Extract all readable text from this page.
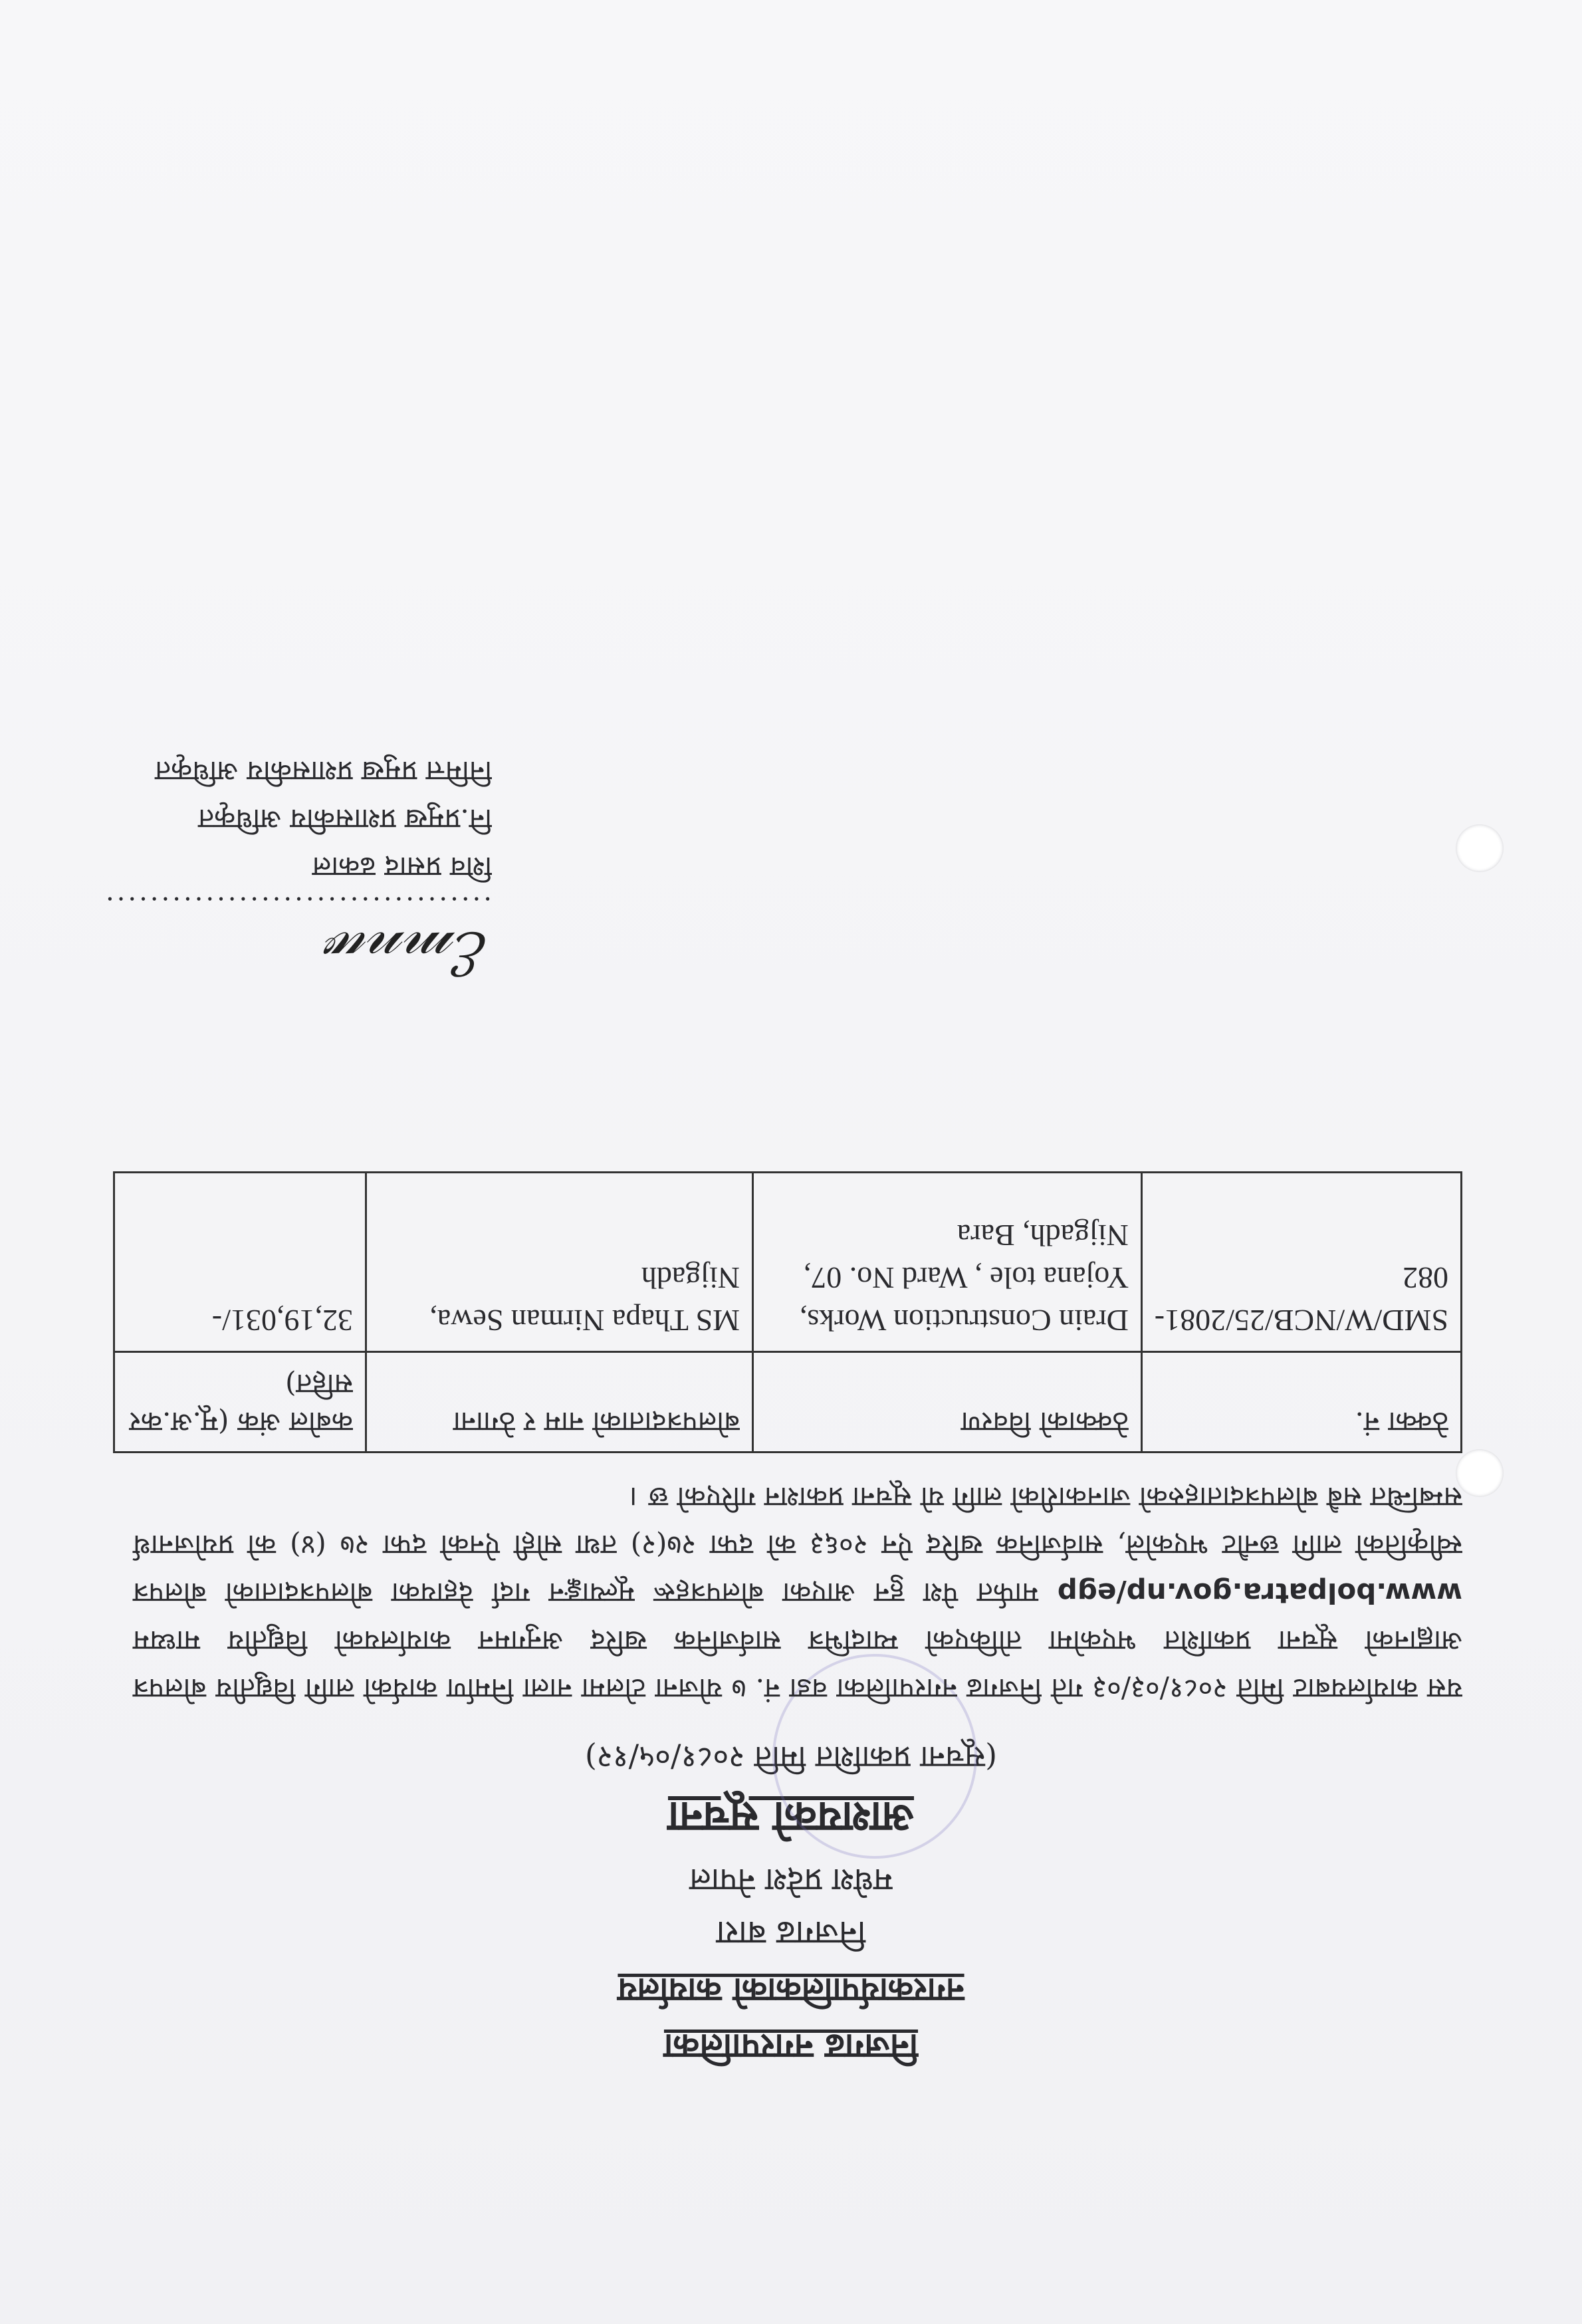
निजगढ नगरपालिका
नगरकार्यपालिकाको कार्यालय
निजगढ बारा
मधेश प्रदेश नेपाल
आशयको सूचना
(सूचना प्रकाशित मिति २०८१/०५/१२)
यस कार्यालयबाट मिति २०८१/०३/०३ गते निजगढ नगरपालिका वडा नं. ७ योजना टोलमा नाला निर्माण कार्यको लागि विद्युतीय बोलपत्र आह्वानको सूचना प्रकाशित भएकोमा तोकिएको म्यादभित्र सार्वजनिक खरिद अनुगमन कार्यालयको विद्युतीय माध्यम www.bolpatra.gov.np/egp मार्फत पेश हुन आएका बोलपत्रहरू मूल्याङ्कन गर्दा देहायका बोलपत्रदाताको बोलपत्र स्वीकृतिको लागि छनौट भएकोले, सार्वजनिक खरिद ऐन २०६३ को दफा २७(२) तथा सोही ऐनको दफा २७ (४) को प्रयोजनार्थ सम्बन्धित सबै बोलपत्रदाताहरुको जानकारीको लागि यो सूचना प्रकाशन गरिएको छ ।
ठेक्का नं.	ठेक्काको विवरण	बोलपत्रदाताको नाम र ठेगाना	कबोल अंक (मू.अ.कर सहित)
SMD/W/NCB/25/2081-082	Drain Construction Works, Yojana tole , Ward No. 07, Nijgadh, Bara	MS Thapa Nirman Sewa, Nijgadh	32,19,031/-
ℰ𝓂𝓃𝓌
...................................
शिव प्रसाद ढकाल
नि.प्रमुख प्रशासकीय अधिकृत
निमित्त प्रमुख प्रशासकीय अधिकृत
